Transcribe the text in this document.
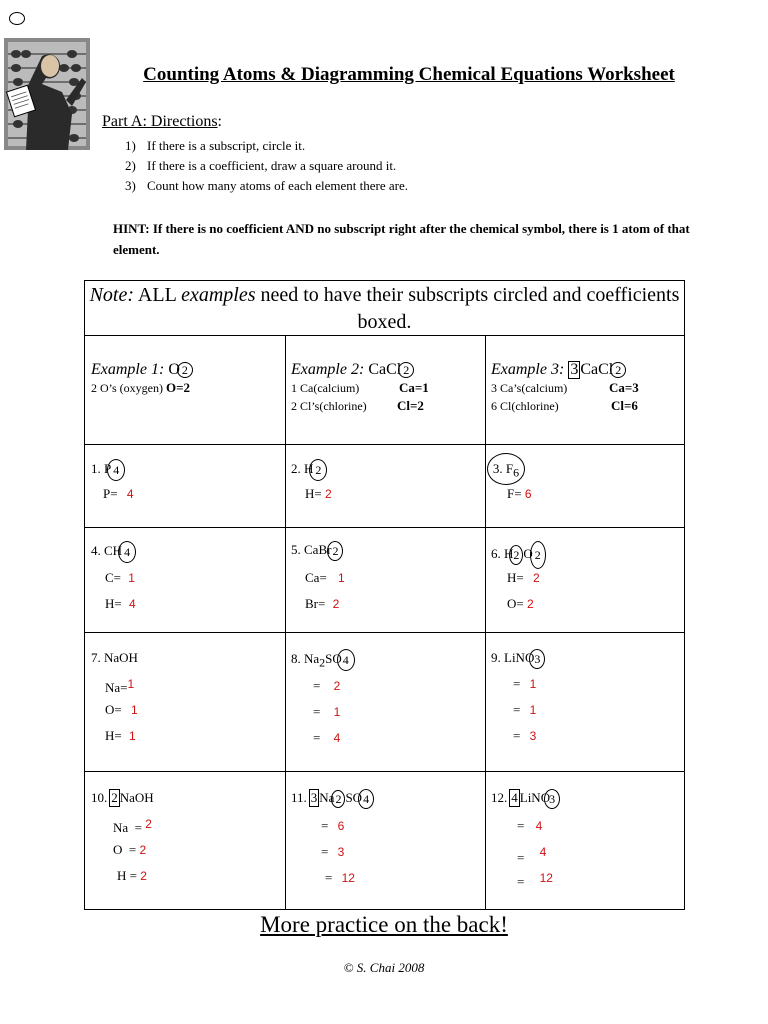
Counting Atoms & Diagramming Chemical Equations Worksheet
Part A: Directions:
1) If there is a subscript, circle it.
2) If there is a coefficient, draw a square around it.
3) Count how many atoms of each element there are.
HINT: If there is no coefficient AND no subscript right after the chemical symbol, there is 1 atom of that element.
Note: ALL examples need to have their subscripts circled and coefficients boxed.
Example 1: O 2
2 O’s (oxygen) O=2
Example 2: CaCl 2
1 Ca(calcium)	Ca=1
2 Cl’s(chlorine) Cl=2
Example 3: 3 CaCl 2
3 Ca’s(calcium)	Ca=3
6 Cl(chlorine)	Cl=6
1. P 4
P= 4
2. H 2
H= 2
3. $F_6$
F= 6
4. CH 4
C= 1
H= 4
5. CaBr2
Ca= 1
Br= 2
6. H2 O 2
H= 2
O= 2
7. NaOH
Na=1
O= 1
H= 1
8. $Na_2SO4$
= 2
= 1
= 4
9. LiNO3
= 1
= 1
= 3
10. 2 NaOH
Na  = 2
O  = 2
H = 2
11. 3 Na2 SO4
= 6
= 3
= 12
12. 4 LiNO3
= 4
= 4
= 12
More practice on the back!
© S. Chai 2008
